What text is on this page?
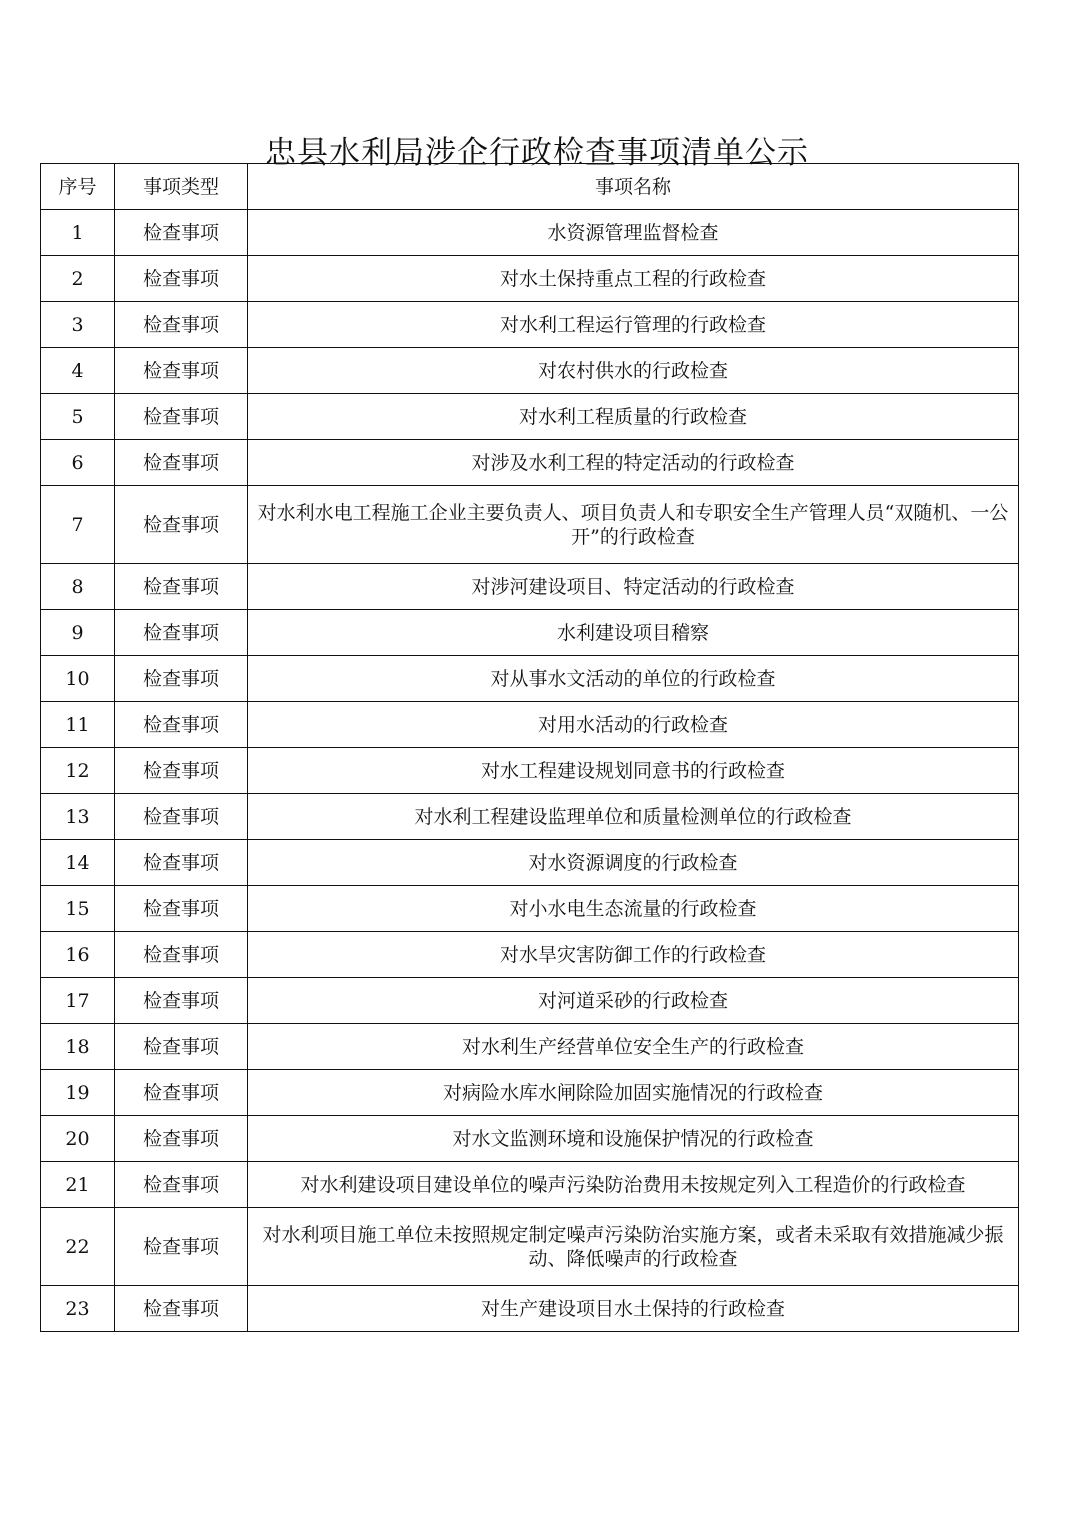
忠县水利局涉企行政检查事项清单公示
序号	事项类型	事项名称
1	检查事项	水资源管理监督检查
2	检查事项	对水土保持重点工程的行政检查
3	检查事项	对水利工程运行管理的行政检查
4	检查事项	对农村供水的行政检查
5	检查事项	对水利工程质量的行政检查
6	检查事项	对涉及水利工程的特定活动的行政检查
7	检查事项	对水利水电工程施工企业主要负责人、项目负责人和专职安全生产管理人员“双随机、一公开”的行政检查
8	检查事项	对涉河建设项目、特定活动的行政检查
9	检查事项	水利建设项目稽察
10	检查事项	对从事水文活动的单位的行政检查
11	检查事项	对用水活动的行政检查
12	检查事项	对水工程建设规划同意书的行政检查
13	检查事项	对水利工程建设监理单位和质量检测单位的行政检查
14	检查事项	对水资源调度的行政检查
15	检查事项	对小水电生态流量的行政检查
16	检查事项	对水旱灾害防御工作的行政检查
17	检查事项	对河道采砂的行政检查
18	检查事项	对水利生产经营单位安全生产的行政检查
19	检查事项	对病险水库水闸除险加固实施情况的行政检查
20	检查事项	对水文监测环境和设施保护情况的行政检查
21	检查事项	对水利建设项目建设单位的噪声污染防治费用未按规定列入工程造价的行政检查
22	检查事项	对水利项目施工单位未按照规定制定噪声污染防治实施方案，或者未采取有效措施减少振动、降低噪声的行政检查
23	检查事项	对生产建设项目水土保持的行政检查
